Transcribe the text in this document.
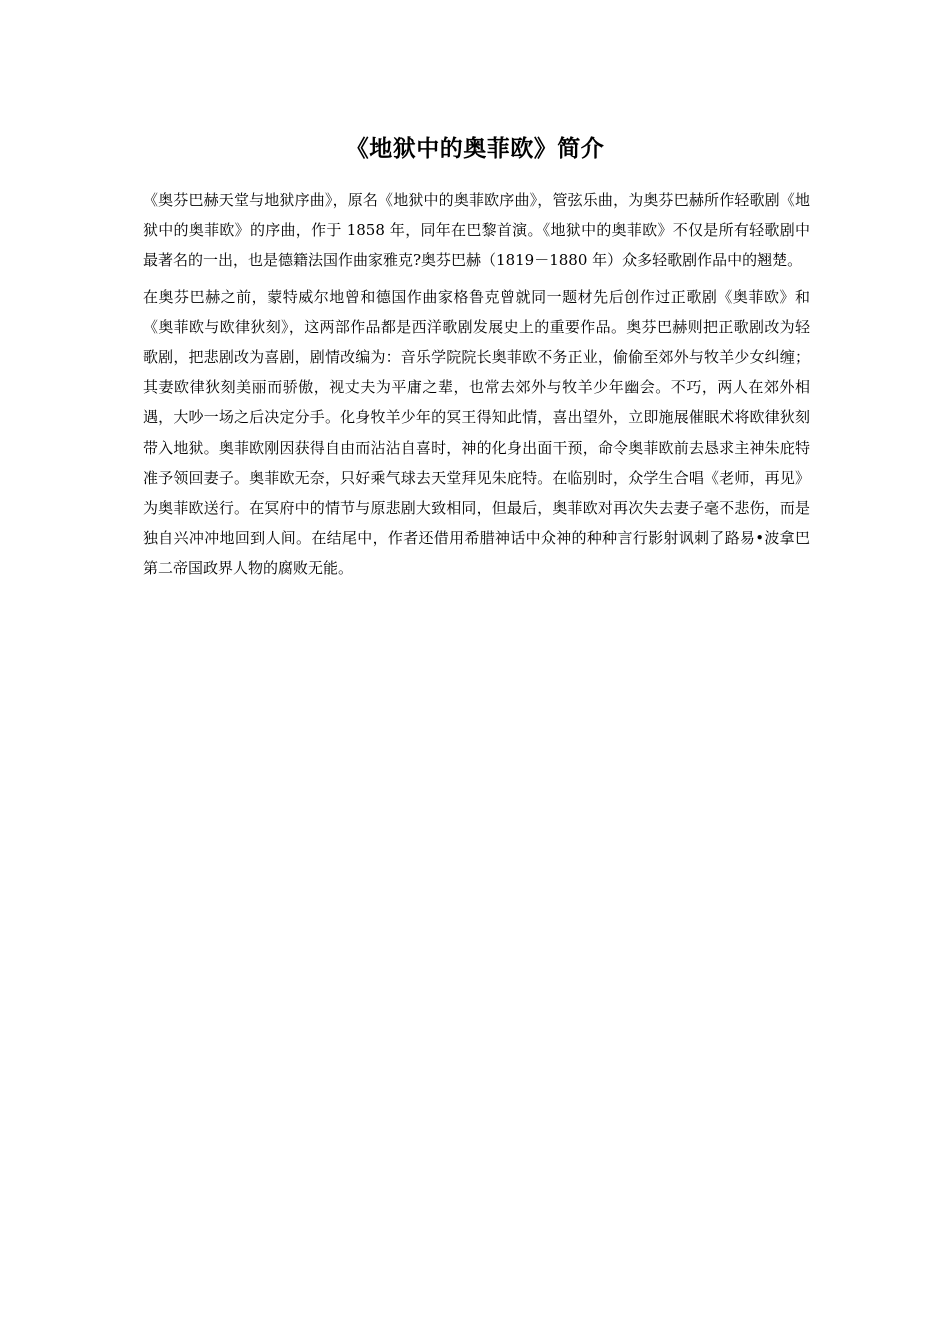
《地狱中的奥菲欧》简介

《奥芬巴赫天堂与地狱序曲》，原名《地狱中的奥菲欧序曲》，管弦乐曲，为奥芬巴赫所作轻歌剧《地狱中的奥菲欧》的序曲，作于 1858 年，同年在巴黎首演。《地狱中的奥菲欧》不仅是所有轻歌剧中最著名的一出，也是德籍法国作曲家雅克?奥芬巴赫（1819－1880 年）众多轻歌剧作品中的翘楚。

在奥芬巴赫之前，蒙特威尔地曾和德国作曲家格鲁克曾就同一题材先后创作过正歌剧《奥菲欧》和《奥菲欧与欧律狄刻》，这两部作品都是西洋歌剧发展史上的重要作品。奥芬巴赫则把正歌剧改为轻歌剧，把悲剧改为喜剧，剧情改编为：音乐学院院长奥菲欧不务正业，偷偷至郊外与牧羊少女纠缠；其妻欧律狄刻美丽而骄傲，视丈夫为平庸之辈，也常去郊外与牧羊少年幽会。不巧，两人在郊外相遇，大吵一场之后决定分手。化身牧羊少年的冥王得知此情，喜出望外，立即施展催眠术将欧律狄刻带入地狱。奥菲欧刚因获得自由而沾沾自喜时，神的化身出面干预，命令奥菲欧前去恳求主神朱庇特准予领回妻子。奥菲欧无奈，只好乘气球去天堂拜见朱庇特。在临别时，众学生合唱《老师，再见》为奥菲欧送行。在冥府中的情节与原悲剧大致相同，但最后，奥菲欧对再次失去妻子毫不悲伤，而是独自兴冲冲地回到人间。在结尾中，作者还借用希腊神话中众神的种种言行影射讽刺了路易•波拿巴第二帝国政界人物的腐败无能。
